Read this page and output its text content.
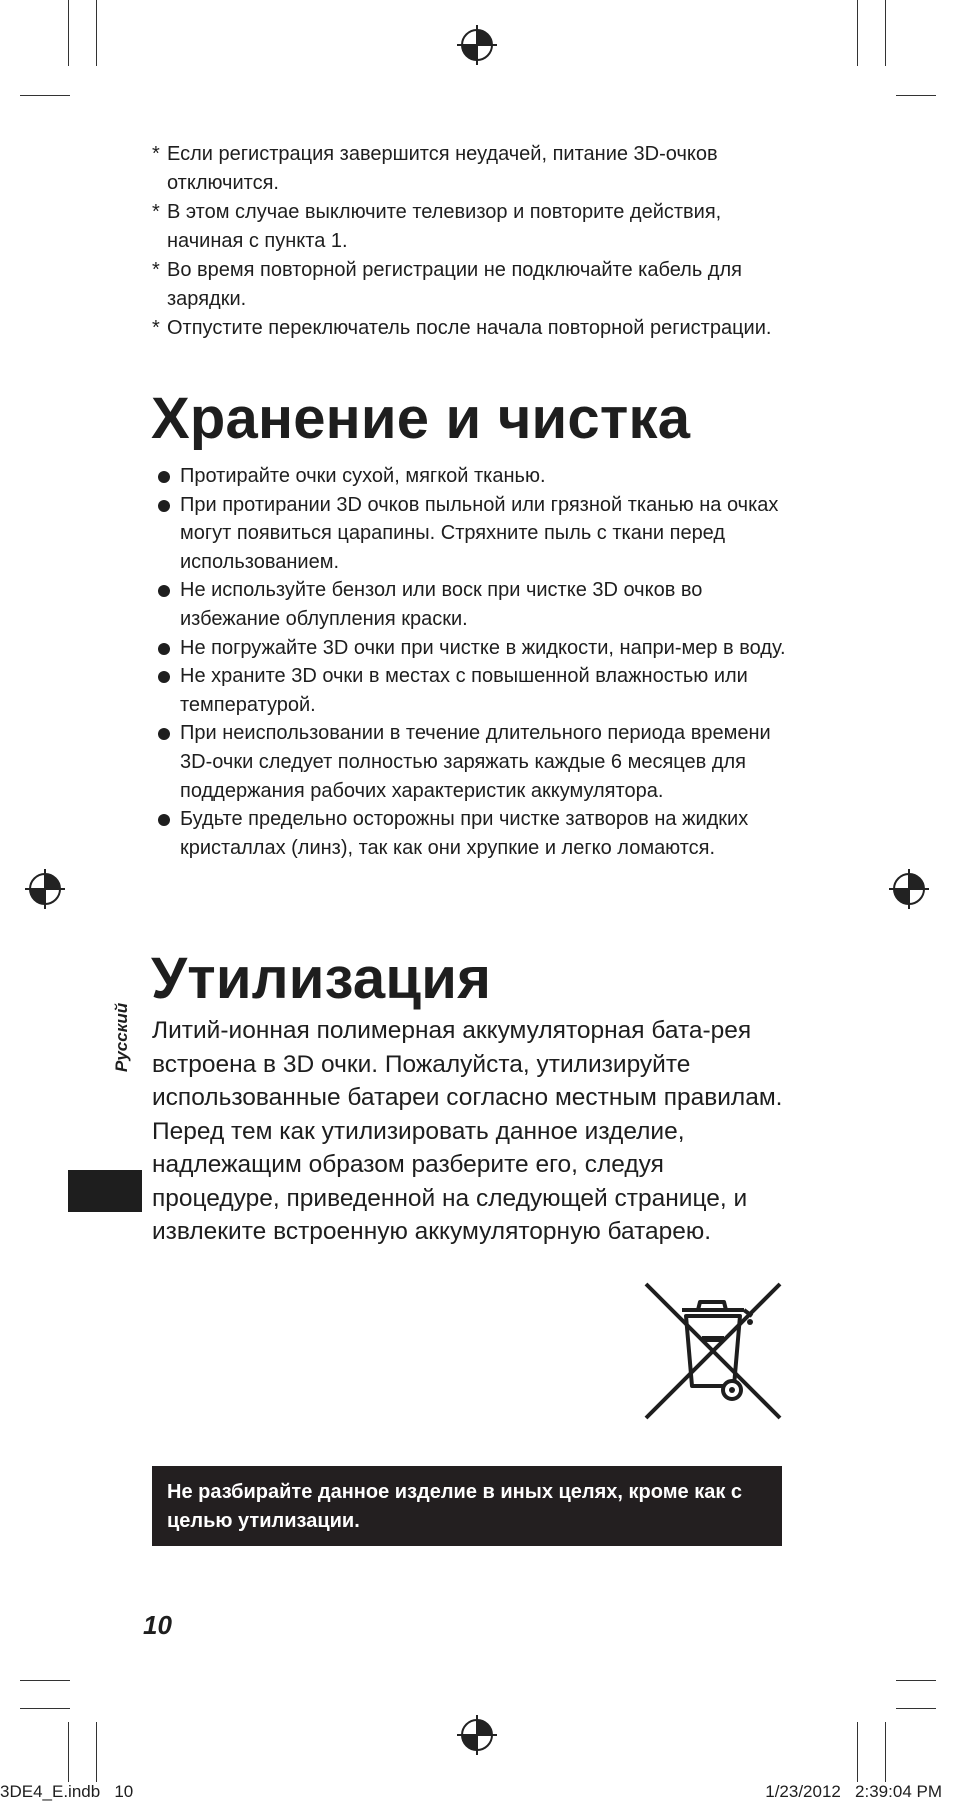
* Если регистрация завершится неудачей, питание 3D-очков отключится.
* В этом случае выключите телевизор и повторите действия, начиная с пункта 1.
* Во время повторной регистрации не подключайте кабель для зарядки.
* Отпустите переключатель после начала повторной регистрации.
Хранение и чистка
Протирайте очки сухой, мягкой тканью.
При протирании 3D очков пыльной или грязной тканью на очках могут появиться царапины. Стряхните пыль с ткани перед использованием.
Не используйте бензол или воск при чистке 3D очков во избежание облупления краски.
Не погружайте 3D очки при чистке в жидкости, напри-мер в воду.
Не храните 3D очки в местах с повышенной влажностью или температурой.
При неиспользовании в течение длительного периода времени 3D-очки следует полностью заряжать каждые 6 месяцев для поддержания рабочих характеристик аккумулятора.
Будьте предельно осторожны при чистке затворов на жидких кристаллах (линз), так как они хрупкие и легко ломаются.
Утилизация

Литий-ионная полимерная аккумуляторная бата-рея встроена в 3D очки. Пожалуйста, утилизируйте использованные батареи согласно местным правилам.

Перед тем как утилизировать данное изделие, надлежащим образом разберите его, следуя процедуре, приведенной на следующей странице, и извлеките встроенную аккумуляторную батарею.

Русский
Не разбирайте данное изделие в иных целях, кроме как с целью утилизации.
10
3DE4_E.indb   10	1/23/2012   2:39:04 PM
